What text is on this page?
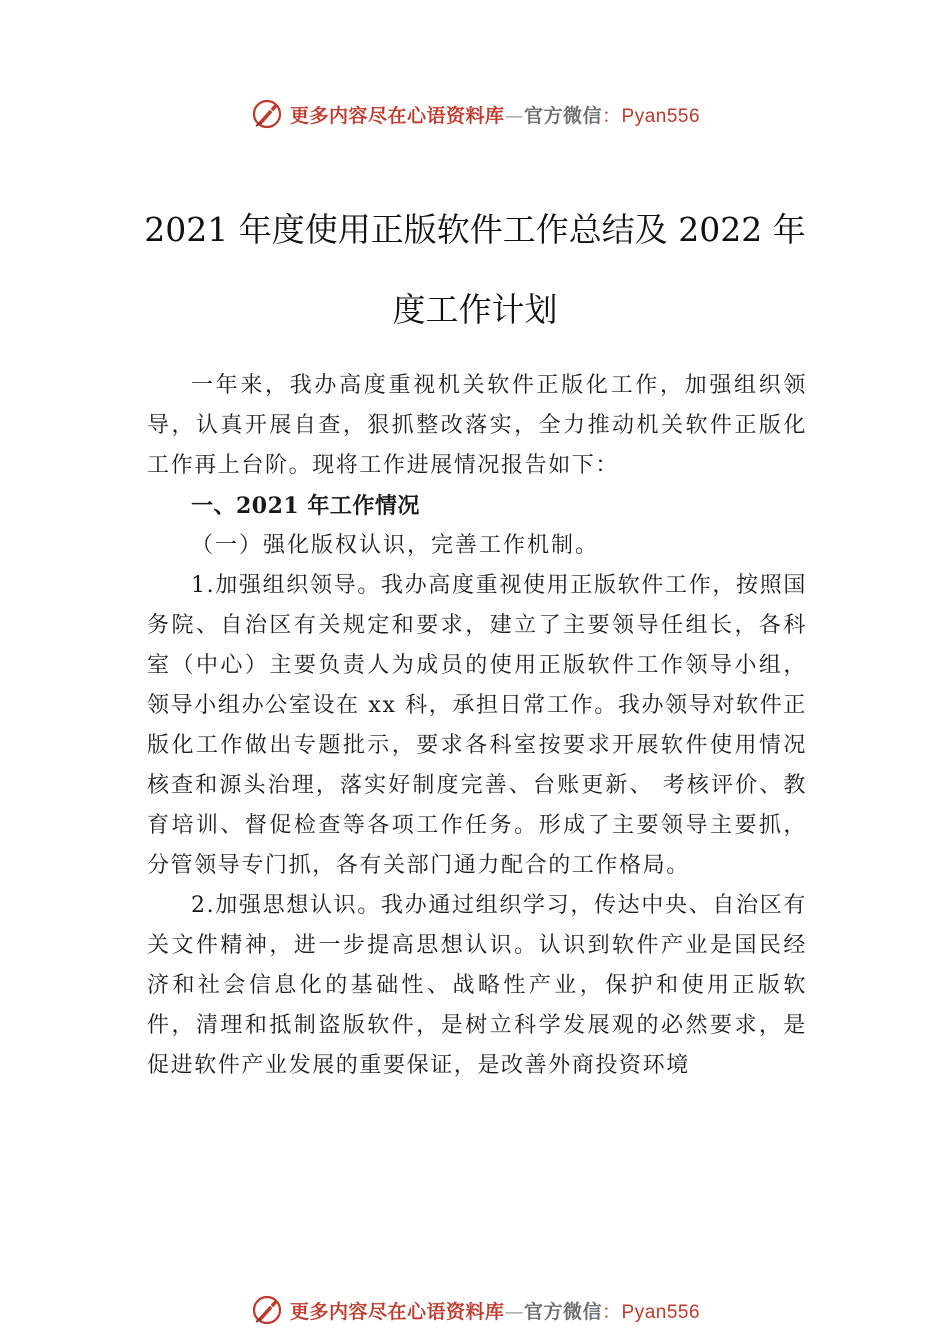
更多内容尽在心语资料库—官方微信：Pyan556
2021 年度使用正版软件工作总结及 2022 年度工作计划

一年来，我办高度重视机关软件正版化工作，加强组织领导，认真开展自查，狠抓整改落实，全力推动机关软件正版化工作再上台阶。现将工作进展情况报告如下：

一、2021 年工作情况

（一）强化版权认识，完善工作机制。

1.加强组织领导。我办高度重视使用正版软件工作，按照国务院、自治区有关规定和要求，建立了主要领导任组长，各科室（中心）主要负责人为成员的使用正版软件工作领导小组，领导小组办公室设在 xx 科，承担日常工作。我办领导对软件正版化工作做出专题批示，要求各科室按要求开展软件使用情况核查和源头治理，落实好制度完善、台账更新、 考核评价、教育培训、督促检查等各项工作任务。形成了主要领导主要抓，分管领导专门抓，各有关部门通力配合的工作格局。

2.加强思想认识。我办通过组织学习，传达中央、自治区有关文件精神，进一步提高思想认识。认识到软件产业是国民经济和社会信息化的基础性、战略性产业，保护和使用正版软件，清理和抵制盗版软件，是树立科学发展观的必然要求，是促进软件产业发展的重要保证，是改善外商投资环境

更多内容尽在心语资料库—官方微信：Pyan556
